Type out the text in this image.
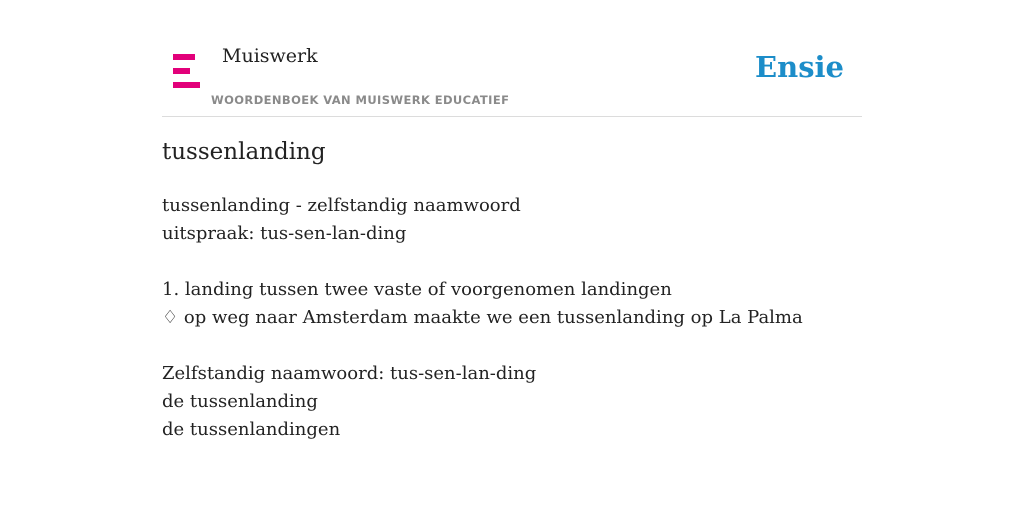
Muiswerk
WOORDENBOEK VAN MUISWERK EDUCATIEF
Ensie
tussenlanding
tussenlanding - zelfstandig naamwoord
uitspraak: tus-sen-lan-ding
1. landing tussen twee vaste of voorgenomen landingen
♢ op weg naar Amsterdam maakte we een tussenlanding op La Palma
Zelfstandig naamwoord: tus-sen-lan-ding
de tussenlanding
de tussenlandingen
